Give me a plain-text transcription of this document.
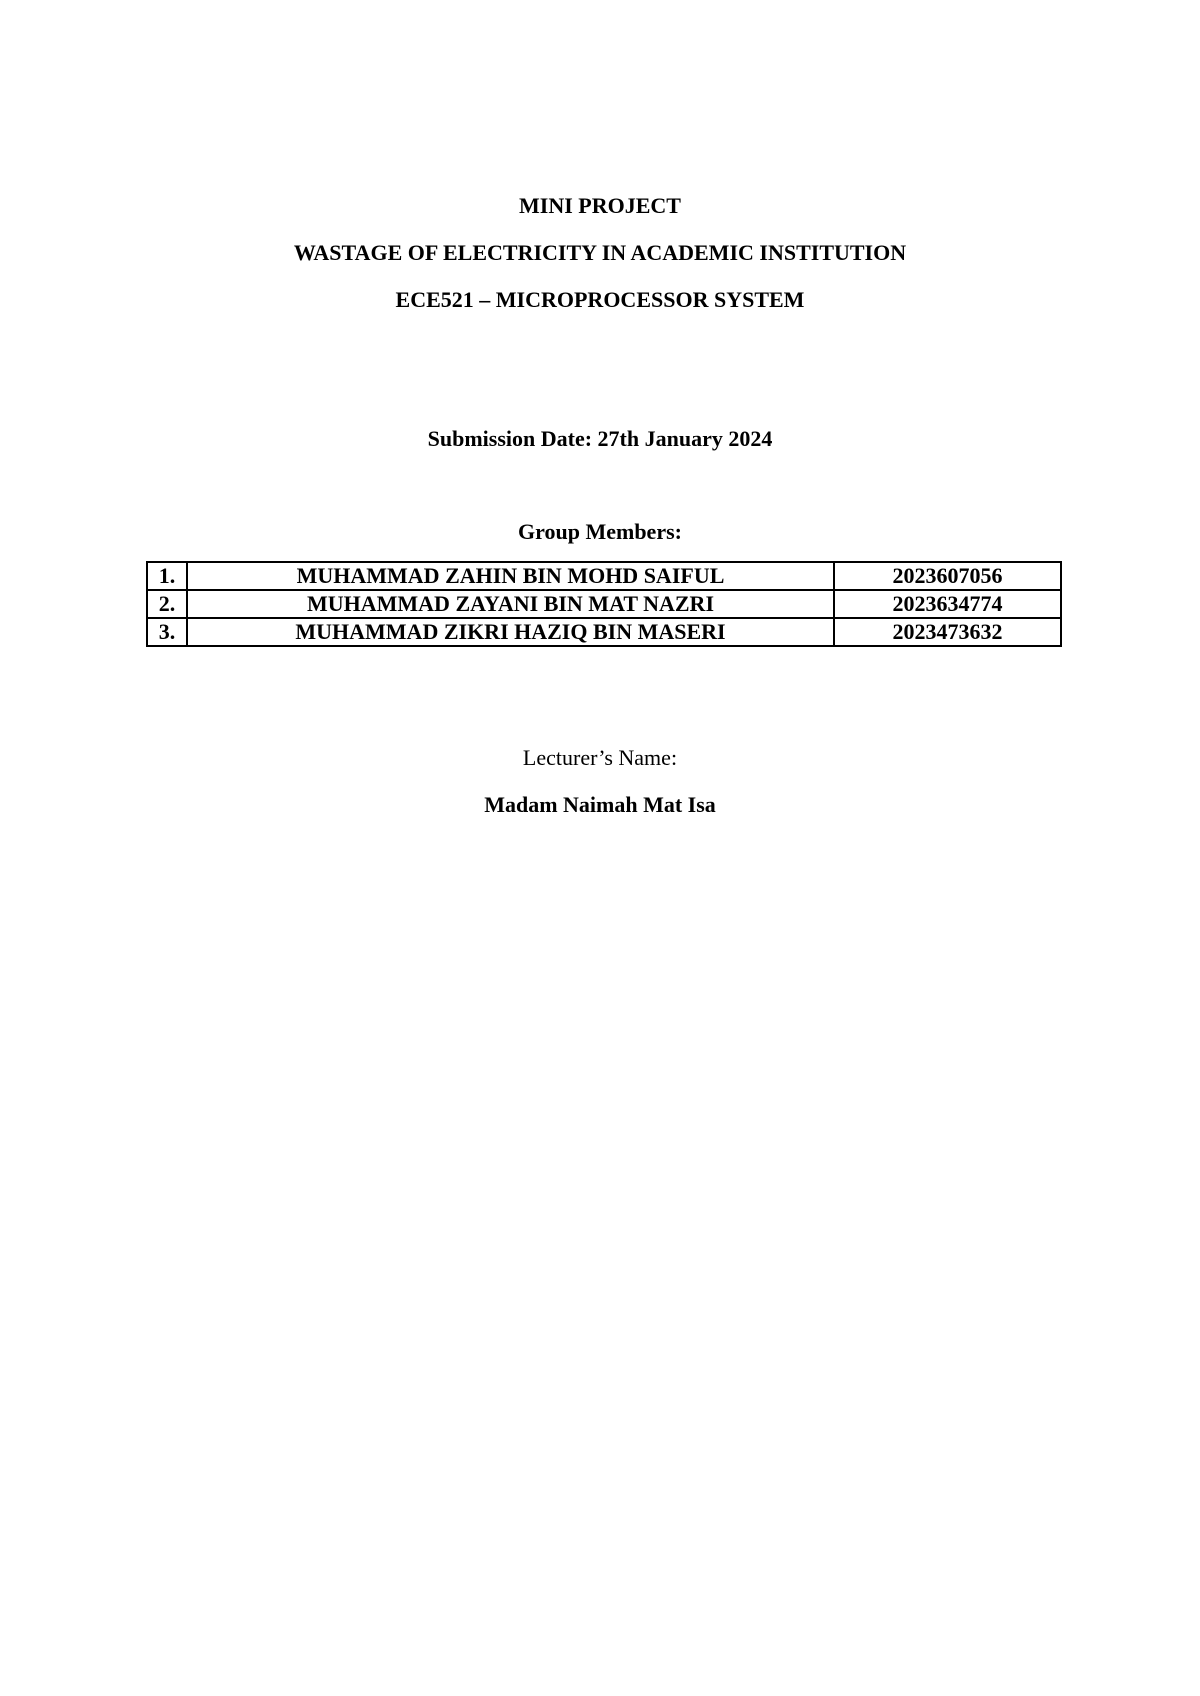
MINI PROJECT
WASTAGE OF ELECTRICITY IN ACADEMIC INSTITUTION
ECE521 – MICROPROCESSOR SYSTEM
Submission Date: 27th January 2024
Group Members:
1.	MUHAMMAD ZAHIN BIN MOHD SAIFUL	2023607056
2.	MUHAMMAD ZAYANI BIN MAT NAZRI	2023634774
3.	MUHAMMAD ZIKRI HAZIQ BIN MASERI	2023473632
Lecturer’s Name:
Madam Naimah Mat Isa
